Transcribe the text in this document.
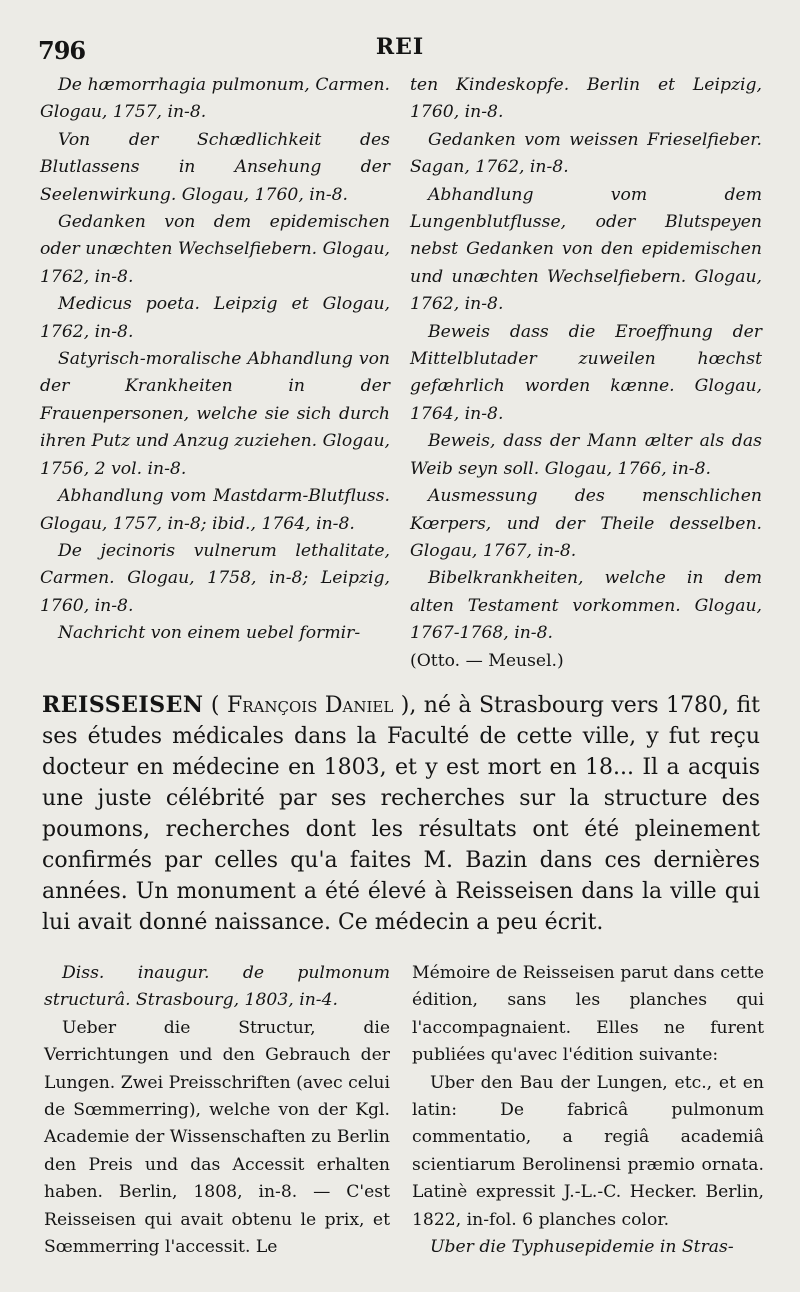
796	REI

De hæmorrhagia pulmonum, Carmen. Glogau, 1757, in-8.

Von der Schædlichkeit des Blutlassens in Ansehung der Seelenwirkung. Glogau, 1760, in-8.

Gedanken von dem epidemischen oder unæchten Wechselfiebern. Glogau, 1762, in-8.

Medicus poeta. Leipzig et Glogau, 1762, in-8.

Satyrisch-moralische Abhandlung von der Krankheiten in der Frauenpersonen, welche sie sich durch ihren Putz und Anzug zuziehen. Glogau, 1756, 2 vol. in-8.

Abhandlung vom Mastdarm-Blutfluss. Glogau, 1757, in-8; ibid., 1764, in-8.

De jecinoris vulnerum lethalitate, Carmen. Glogau, 1758, in-8; Leipzig, 1760, in-8.

Nachricht von einem uebel formir-

ten Kindeskopfe. Berlin et Leipzig, 1760, in-8.

Gedanken vom weissen Frieselfieber. Sagan, 1762, in-8.

Abhandlung vom dem Lungenblutflusse, oder Blutspeyen nebst Gedanken von den epidemischen und unæchten Wechselfiebern. Glogau, 1762, in-8.

Beweis dass die Eroeffnung der Mittelblutader zuweilen hœchst gefæhrlich worden kænne. Glogau, 1764, in-8.

Beweis, dass der Mann ælter als das Weib seyn soll. Glogau, 1766, in-8.

Ausmessung des menschlichen Kœrpers, und der Theile desselben. Glogau, 1767, in-8.

Bibelkrankheiten, welche in dem alten Testament vorkommen. Glogau, 1767-1768, in-8.

(Otto. — Meusel.)

REISSEISEN ( François Daniel ), né à Strasbourg vers 1780, fit ses études médicales dans la Faculté de cette ville, y fut reçu docteur en médecine en 1803, et y est mort en 18... Il a acquis une juste célébrité par ses recherches sur la structure des poumons, recherches dont les résultats ont été pleinement confirmés par celles qu'a faites M. Bazin dans ces dernières années. Un monument a été élevé à Reisseisen dans la ville qui lui avait donné naissance. Ce médecin a peu écrit.

Diss. inaugur. de pulmonum structurâ. Strasbourg, 1803, in-4.

Ueber die Structur, die Verrichtungen und den Gebrauch der Lungen. Zwei Preisschriften (avec celui de Sœmmerring), welche von der Kgl. Academie der Wissenschaften zu Berlin den Preis und das Accessit erhalten haben. Berlin, 1808, in-8. — C'est Reisseisen qui avait obtenu le prix, et Sœmmerring l'accessit. Le

Mémoire de Reisseisen parut dans cette édition, sans les planches qui l'accompagnaient. Elles ne furent publiées qu'avec l'édition suivante:

Uber den Bau der Lungen, etc., et en latin: De fabricâ pulmonum commentatio, a regiâ academiâ scientiarum Berolinensi præmio ornata. Latinè expressit J.-L.-C. Hecker. Berlin, 1822, in-fol. 6 planches color.

Uber die Typhusepidemie in Stras-
